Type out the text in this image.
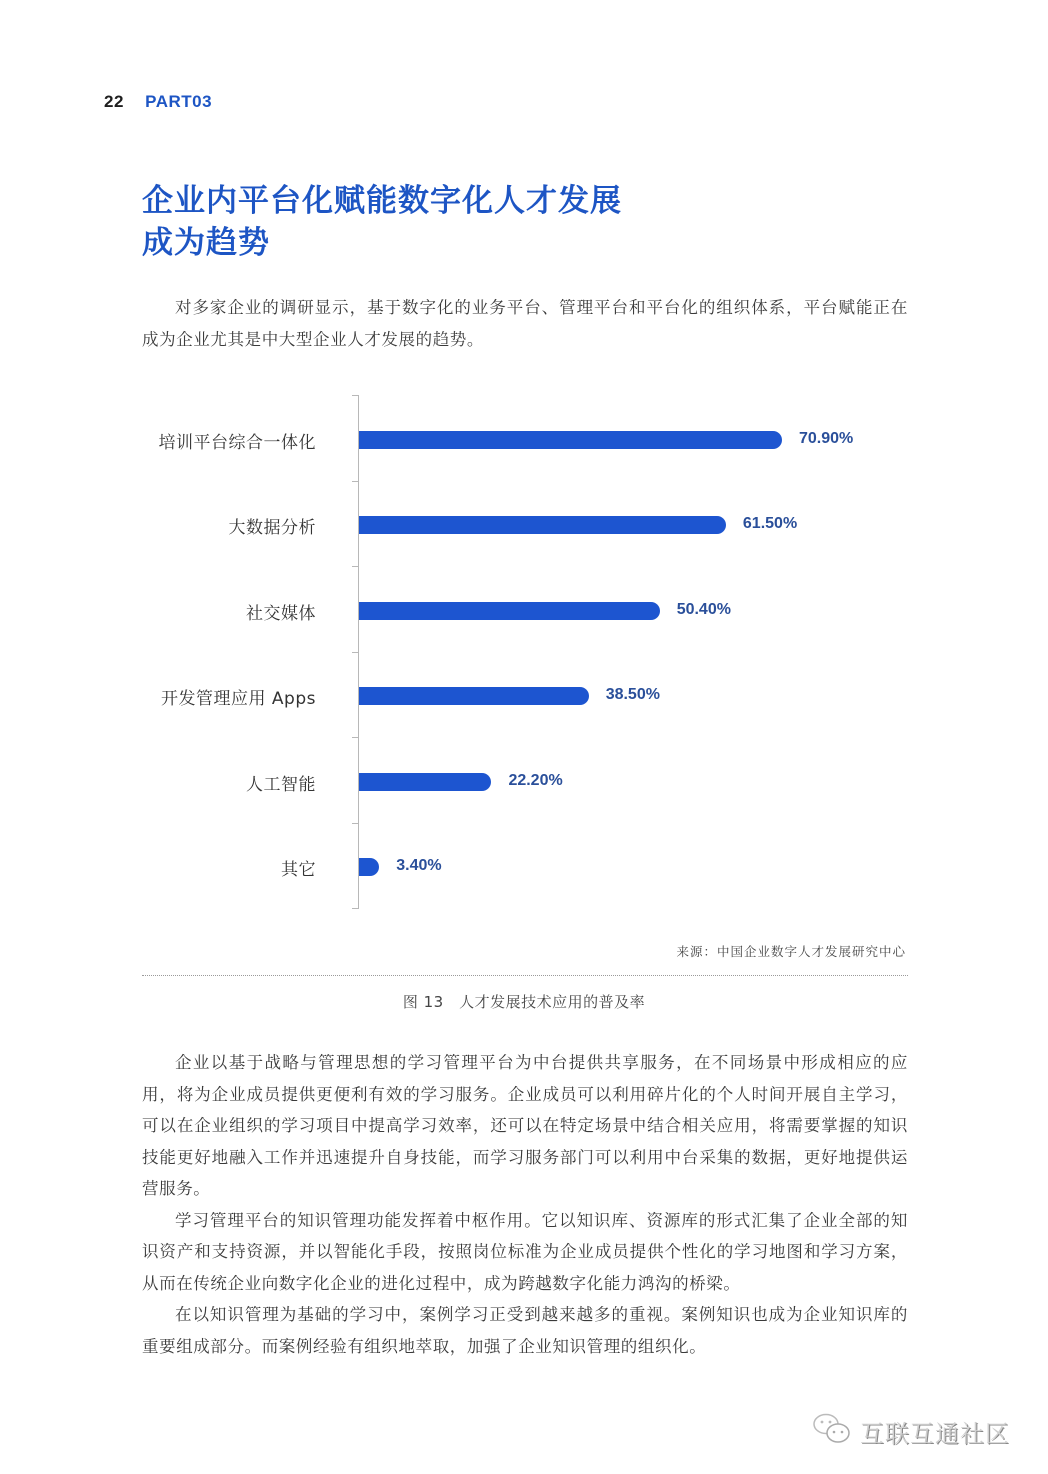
22 PART03
企业内平台化赋能数字化人才发展
成为趋势

对多家企业的调研显示，基于数字化的业务平台、管理平台和平台化的组织体系，平台赋能正在成为企业尤其是中大型企业人才发展的趋势。

培训平台综合一体化	70.90%
大数据分析	61.50%
社交媒体	50.40%
开发管理应用 Apps	38.50%
人工智能	22.20%
其它	3.40%
来源：中国企业数字人才发展研究中心
图 13　人才发展技术应用的普及率

企业以基于战略与管理思想的学习管理平台为中台提供共享服务，在不同场景中形成相应的应用，将为企业成员提供更便利有效的学习服务。企业成员可以利用碎片化的个人时间开展自主学习，可以在企业组织的学习项目中提高学习效率，还可以在特定场景中结合相关应用，将需要掌握的知识技能更好地融入工作并迅速提升自身技能，而学习服务部门可以利用中台采集的数据，更好地提供运营服务。

学习管理平台的知识管理功能发挥着中枢作用。它以知识库、资源库的形式汇集了企业全部的知识资产和支持资源，并以智能化手段，按照岗位标准为企业成员提供个性化的学习地图和学习方案，从而在传统企业向数字化企业的进化过程中，成为跨越数字化能力鸿沟的桥梁。

在以知识管理为基础的学习中，案例学习正受到越来越多的重视。案例知识也成为企业知识库的重要组成部分。而案例经验有组织地萃取，加强了企业知识管理的组织化。

互联互通社区
